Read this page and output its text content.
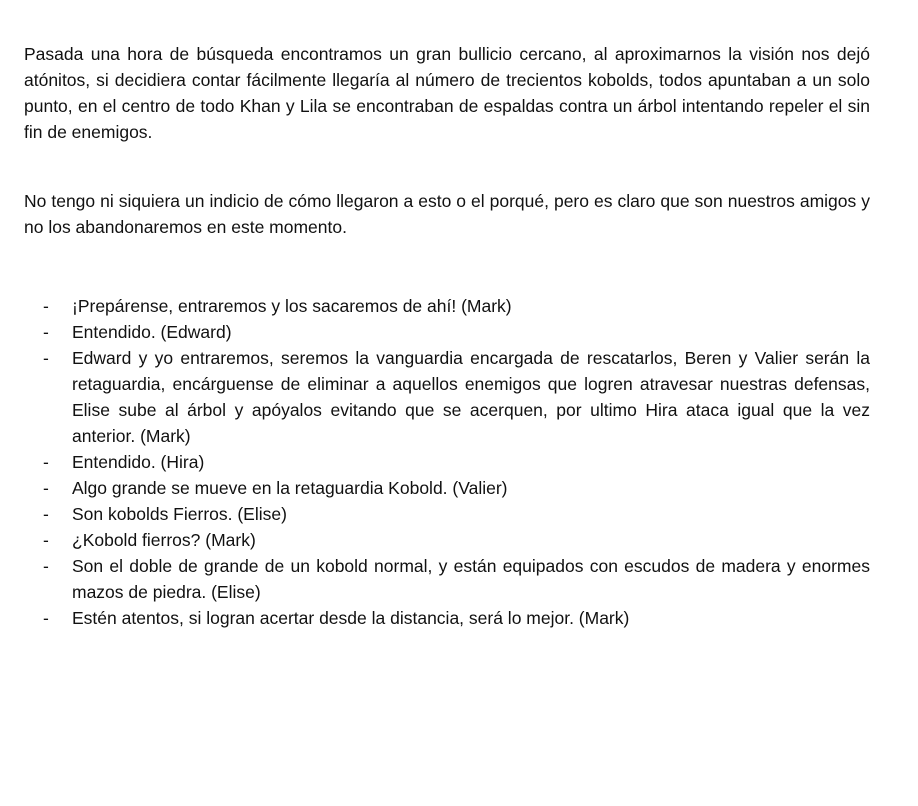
Pasada una hora de búsqueda encontramos un gran bullicio cercano, al aproximarnos la visión nos dejó atónitos, si decidiera contar fácilmente llegaría al número de trecientos kobolds, todos apuntaban a un solo punto, en el centro de todo Khan y Lila se encontraban de espaldas contra un árbol intentando repeler el sin fin de enemigos.

No tengo ni siquiera un indicio de cómo llegaron a esto o el porqué, pero es claro que son nuestros amigos y no los abandonaremos en este momento.

- ¡Prepárense, entraremos y los sacaremos de ahí! (Mark)
- Entendido. (Edward)
- Edward y yo entraremos, seremos la vanguardia encargada de rescatarlos, Beren y Valier serán la retaguardia, encárguense de eliminar a aquellos enemigos que logren atravesar nuestras defensas, Elise sube al árbol y apóyalos evitando que se acerquen, por ultimo Hira ataca igual que la vez anterior. (Mark)
- Entendido. (Hira)
- Algo grande se mueve en la retaguardia Kobold. (Valier)
- Son kobolds Fierros. (Elise)
- ¿Kobold fierros? (Mark)
- Son el doble de grande de un kobold normal, y están equipados con escudos de madera y enormes mazos de piedra. (Elise)
- Estén atentos, si logran acertar desde la distancia, será lo mejor. (Mark)
